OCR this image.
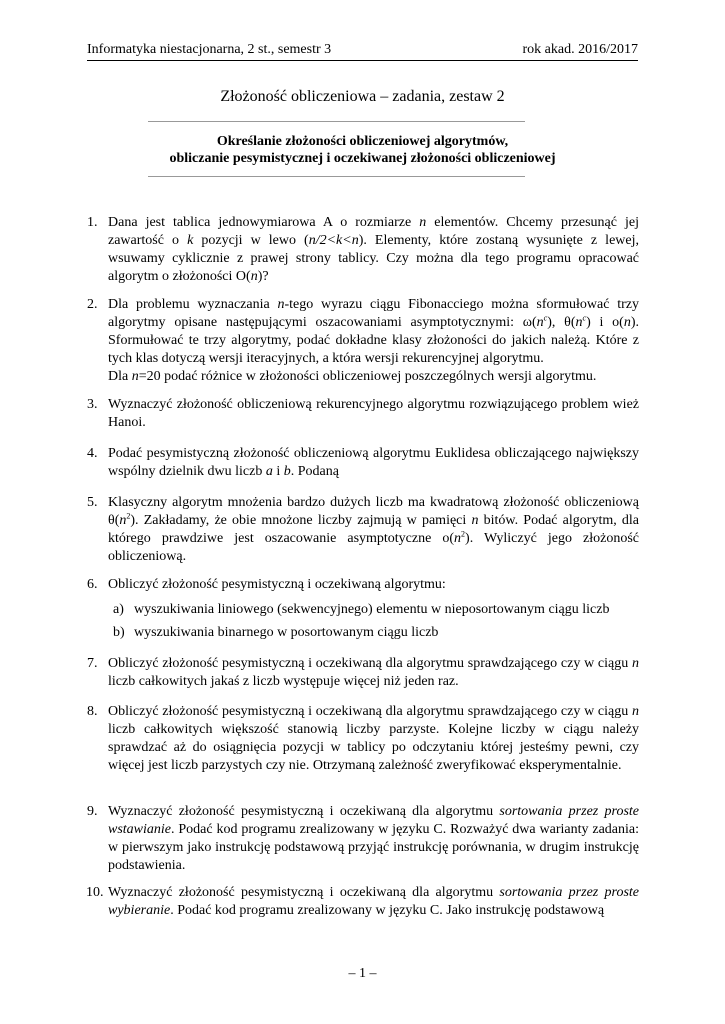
Informatyka niestacjonarna, 2 st., semestr 3	rok akad. 2016/2017
Złożoność obliczeniowa – zadania, zestaw 2
Określanie złożoności obliczeniowej algorytmów,
obliczanie pesymistycznej i oczekiwanej złożoności obliczeniowej
1. Dana jest tablica jednowymiarowa A o rozmiarze n elementów. Chcemy przesunąć jej zawartość o k pozycji w lewo (n/2<k<n). Elementy, które zostaną wysunięte z lewej, wsuwamy cyklicznie z prawej strony tablicy. Czy można dla tego programu opracować algorytm o złożoności O(n)?
2. Dla problemu wyznaczania n-tego wyrazu ciągu Fibonacciego można sformułować trzy algorytmy opisane następującymi oszacowaniami asymptotycznymi: $\omega(n^c)$, $\theta(n^c)$ i o(n). Sformułować te trzy algorytmy, podać dokładne klasy złożoności do jakich należą. Które z tych klas dotyczą wersji iteracyjnych, a która wersji rekurencyjnej algorytmu.
Dla n=20 podać różnice w złożoności obliczeniowej poszczególnych wersji algorytmu.
3. Wyznaczyć złożoność obliczeniową rekurencyjnego algorytmu rozwiązującego problem wież Hanoi.
4. Podać pesymistyczną złożoność obliczeniową algorytmu Euklidesa obliczającego największy wspólny dzielnik dwu liczb a i b. Podaną
5. Klasyczny algorytm mnożenia bardzo dużych liczb ma kwadratową złożoność obliczeniową $\theta(n^2)$. Zakładamy, że obie mnożone liczby zajmują w pamięci n bitów. Podać algorytm, dla którego prawdziwe jest oszacowanie asymptotyczne $o(n^2)$. Wyliczyć jego złożoność obliczeniową.
6. Obliczyć złożoność pesymistyczną i oczekiwaną algorytmu:
a) wyszukiwania liniowego (sekwencyjnego) elementu w nieposortowanym ciągu liczb
b) wyszukiwania binarnego w posortowanym ciągu liczb
7. Obliczyć złożoność pesymistyczną i oczekiwaną dla algorytmu sprawdzającego czy w ciągu n liczb całkowitych jakaś z liczb występuje więcej niż jeden raz.
8. Obliczyć złożoność pesymistyczną i oczekiwaną dla algorytmu sprawdzającego czy w ciągu n liczb całkowitych większość stanowią liczby parzyste. Kolejne liczby w ciągu należy sprawdzać aż do osiągnięcia pozycji w tablicy po odczytaniu której jesteśmy pewni, czy więcej jest liczb parzystych czy nie. Otrzymaną zależność zweryfikować eksperymentalnie.
9. Wyznaczyć złożoność pesymistyczną i oczekiwaną dla algorytmu sortowania przez proste wstawianie. Podać kod programu zrealizowany w języku C. Rozważyć dwa warianty zadania: w pierwszym jako instrukcję podstawową przyjąć instrukcję porównania, w drugim instrukcję podstawienia.
10. Wyznaczyć złożoność pesymistyczną i oczekiwaną dla algorytmu sortowania przez proste wybieranie. Podać kod programu zrealizowany w języku C. Jako instrukcję podstawową
– 1 –
